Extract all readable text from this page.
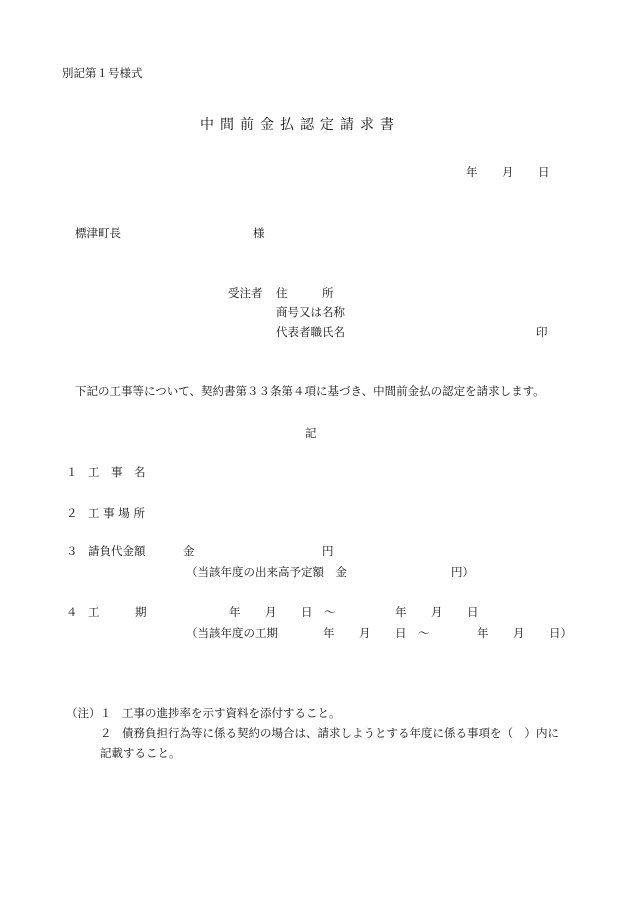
別記第１号様式
中間前金払認定請求書
年 月 日
標津町長	様
受注者 住　　　所
商号又は名称
代表者職氏名	印
下記の工事等について、契約書第３３条第４項に基づき、中間前金払の認定を請求します。
記
１ 工　事　名
２ 工 事 場 所
３ 請負代金額	金	円
（当該年度の出来高予定額　金	円）
４ 工	期	年 月 日 ～	年 月 日
（当該年度の工期	年 月 日 ～	年 月 日）
（注） １ 工事の進捗率を示す資料を添付すること。
２ 債務負担行為等に係る契約の場合は、請求しようとする年度に係る事項を（　）内に
記載すること。
